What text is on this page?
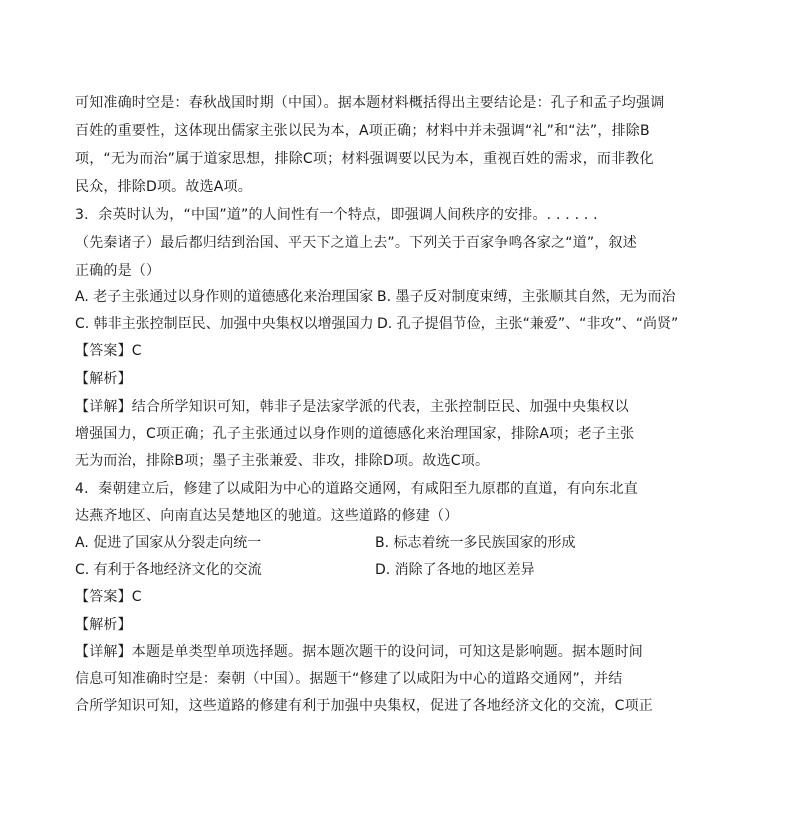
可知准确时空是：春秋战国时期（中国）。据本题材料概括得出主要结论是：孔子和孟子均强调
百姓的重要性，这体现出儒家主张以民为本，A项正确；材料中并未强调“礼”和“法”，排除B
项，“无为而治”属于道家思想，排除C项；材料强调要以民为本，重视百姓的需求，而非教化
民众，排除D项。故选A项。
3．余英时认为，“中国”道”的人间性有一个特点，即强调人间秩序的安排。. . . . . .
（先秦诸子）最后都归结到治国、平天下之道上去”。下列关于百家争鸣各家之“道”，叙述
正确的是（）
A. 老子主张通过以身作则的道德感化来治理国家 B. 墨子反对制度束缚，主张顺其自然，无为而治
C. 韩非主张控制臣民、加强中央集权以增强国力 D. 孔子提倡节俭，主张“兼爱”、“非攻”、“尚贤”
【答案】C
【解析】
【详解】结合所学知识可知，韩非子是法家学派的代表，主张控制臣民、加强中央集权以
增强国力，C项正确；孔子主张通过以身作则的道德感化来治理国家，排除A项；老子主张
无为而治，排除B项；墨子主张兼爱、非攻，排除D项。故选C项。
4．秦朝建立后，修建了以咸阳为中心的道路交通网，有咸阳至九原郡的直道，有向东北直
达燕齐地区、向南直达吴楚地区的驰道。这些道路的修建（）
A. 促进了国家从分裂走向统一	B. 标志着统一多民族国家的形成
C. 有利于各地经济文化的交流	D. 消除了各地的地区差异
【答案】C
【解析】
【详解】本题是单类型单项选择题。据本题次题干的设问词，可知这是影响题。据本题时间
信息可知准确时空是：秦朝（中国）。据题干“修建了以咸阳为中心的道路交通网”，并结
合所学知识可知，这些道路的修建有利于加强中央集权，促进了各地经济文化的交流，C项正
